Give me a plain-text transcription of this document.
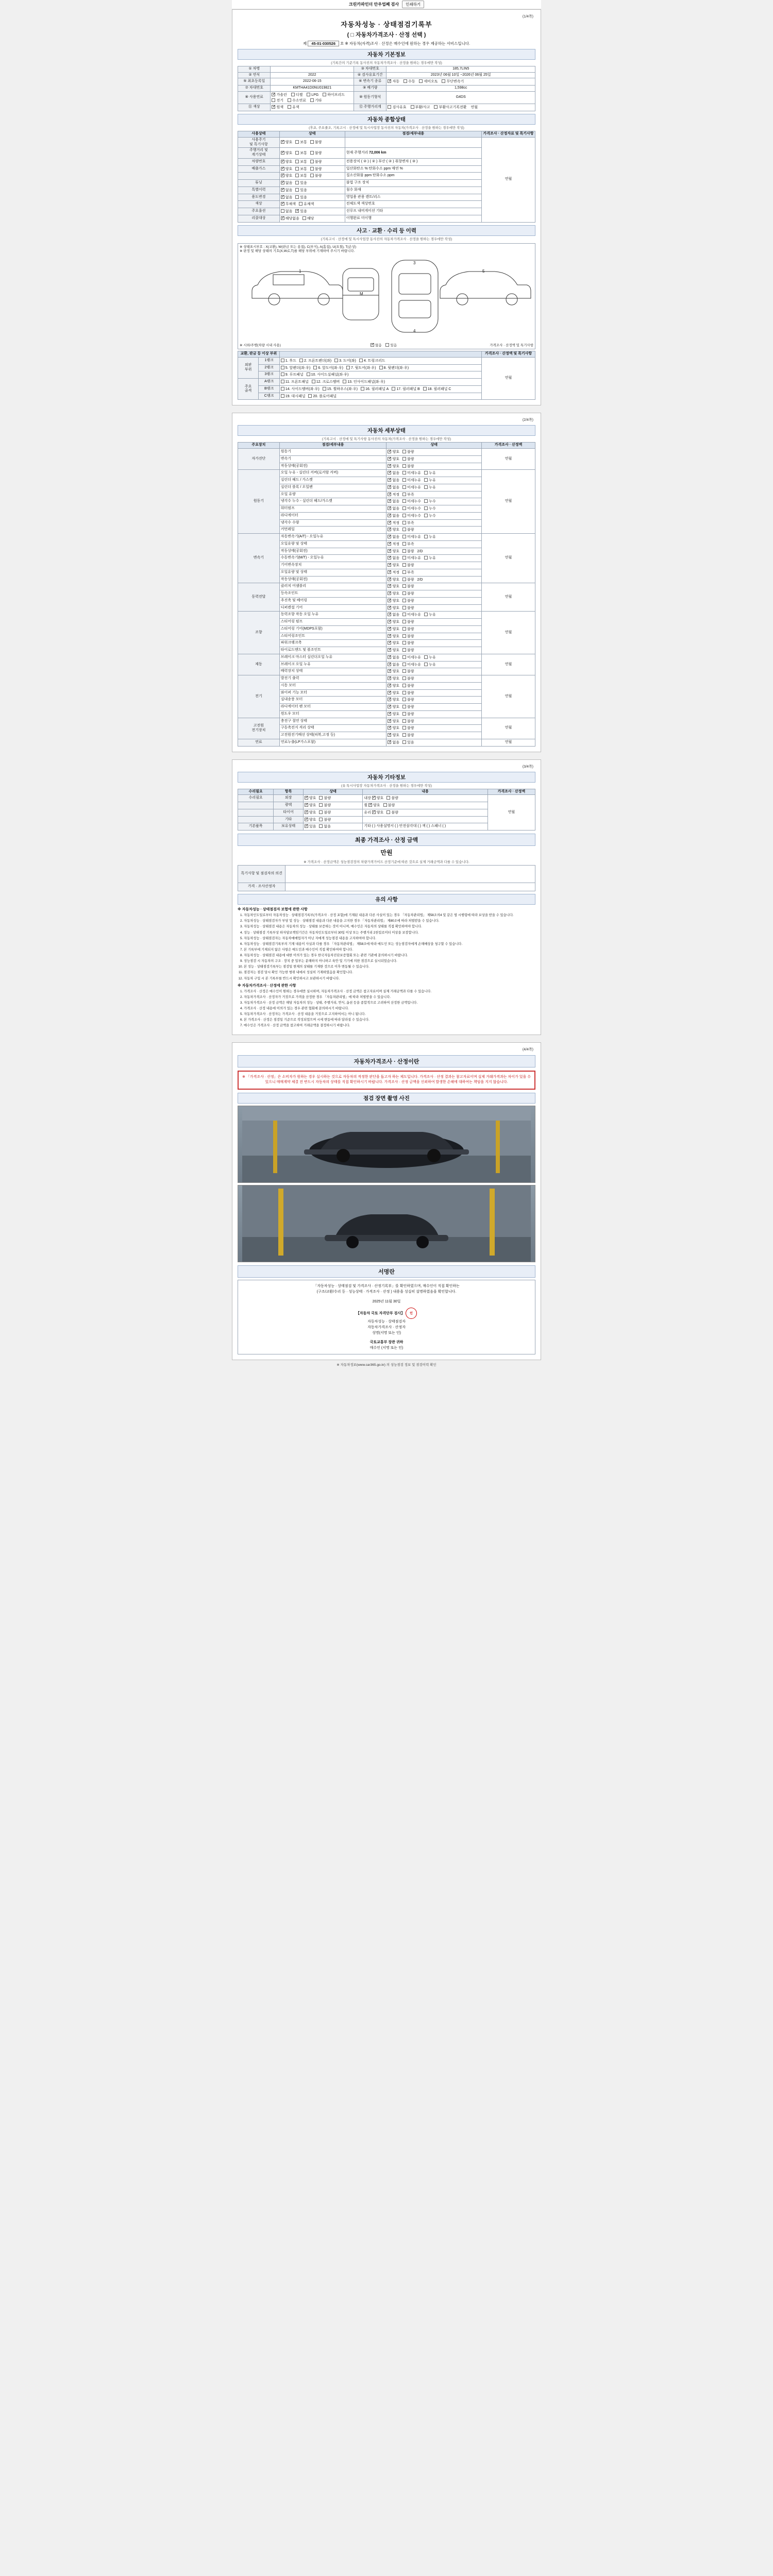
크린카파인더 안우업쩨 검사	인쇄하기
(1/4쪽)
자동차성능 · 상태점검기록부
( □ 자동차가격조사 · 산정 선택 )
제 45-01-030526 호 ※ 자동차(자격)조사 · 산정은 매수인에 원하는 경우 제공하는 서비스입니다.
자동차 기본정보
(기록간의 기준기록 동사진의 자동차가격조사 · 산정을 원하는 경우에만 작성)
① 차명		③ 차대번호	185,7LIN5
② 연식	2022	④ 검사유효기간	2023년 06월 10일 ~2026년 06월 25일
⑤ 최초등록일	2022-06-15	⑥ 변속기 종류	✓자동 수동 세미오토 무단변속기
⑦ 차대번호	KMTHA41D0NU019821	⑨ 배기량	1,598cc
⑧ 사용연료	✓가솔린 디젤 LPG 하이브리드 전기 수소연료 기타	⑩ 원동기형식	G4DS
⑪ 색상	✓원색 유색	⑫ 주행거리계	검사유효 부활/사고 부활사고기록전환 연월
자동차 종합상태
(후죠, 주요줄조, 기록고시 · 산정에 및 특시사업장 동사진의 자동차(가격조사 · 산정을 원하는 경우에만 작성)
사용상태	상태	점검/세부내용	가격조사 · 산정자료 및 특기사항
사용주기
및 특기사항	✓양호 보통 불량		연월
주행거리 및
계기상태	✓양호 보통 불량	현재 주행거리 72,006 km	
차량번호	✓양호 보통 불량	전용장치 ( ② ) ( ② ) 부산 ( ② ) 취창변차 ( ③ )	
배출가스	✓양호 보통 불량	일산화탄소 % 탄화수소 ppm 매연 %	
	✓양호 보통 불량	질소산화물 ppm 탄화수소 ppm	
튜닝	✓없음 있음	불법 구조 장치	
특별이력	✓없음 있음	침수 화재	
용도변경	✓없음 있음	영업용 관용 렌트/리스	
색상	✓무채색 유채색	전체도색 색상번호	
주요옵션	없음 ✓ 있음	선루프 내비게이션 기타	
리콜대상	✓해당없음 해당	이행완료 미이행	
사고 · 교환 · 수리 등 이력
(기록고시 · 산정에 및 특시사업장 동사진의 자동차가격조사 · 산정을 원하는 경우에만 작성)
※ 상태표시부호 : X(교환), W(판금 또는 용접), C(부식), A(흠집), U(요철), T(손상)
※ 판정 및 해당 상태의 기호(X,W,C,T)를 해당 부위에 기재하여 주시기 바랍니다.
1
M
3
4
5
※ 시외/주행(차량 시내 사용) ✓	없음	있음	가격조사 · 산정액 및 특기사항
교환, 판금 등 이상 부위			가격조사 · 산정액 및 특기사항
외판
부위	1랭크	1. 후드 2. 프론트펜더(좌) 3. 도어(좌) 4. 트렁크리드	연월
	2랭크	5. 앞펜더(좌·우) 6. 앞도어(좌·우) 7. 뒷도어(좌·우) 8. 뒷펜더(좌·우)	
	3랭크	9. 루프패널 10. 사이드실패널(좌·우)	
주요
골격	A랭크	11. 프론트패널 12. 크로스멤버 13. 인사이드패널(좌·우)	
	B랭크	14. 사이드멤버(좌·우) 15. 휠하우스(좌·우) 16. 필러패널 A 17. 필러패널 B 18. 필러패널 C	
	C랭크	19. 대시패널 20. 플로어패널	
(2/4쪽)
자동차 세부상태
(기록고시 · 산정에 및 특기사항 동사진의 자동차(가격조사 · 산정을 원하는 경우에만 작성)
주요장치	점검/세부내용	상태	가격조사 · 산정액
자가진단	원동기	✓양호 불량	연월
	변속기	✓양호 불량
	작동상태(공회전)	✓양호 불량
원동기	오일 누유 - 실린더 커버(로커암 커버)	✓없음 미세누유 누유	연월
	실린더 헤드 / 가스켓	✓없음 미세누유 누유
	실린더 블록 / 오일팬	✓없음 미세누유 누유
	오일 유량	✓적정 부족
	냉각수 누수 - 실린더 헤드/가스켓	✓없음 미세누수 누수
	워터펌프	✓없음 미세누수 누수
	라디에이터	✓없음 미세누수 누수
	냉각수 수량	✓적정 부족
	커먼레일	✓양호 불량
변속기	자동변속기(A/T) - 오일누유	✓없음 미세누유 누유	연월
	오일유량 및 상태	✓적정 부족
	작동상태(공회전)	✓양호 불량 2/D
	수동변속기(M/T) - 오일누유	✓없음 미세누유 누유
	기어변속장치	✓양호 불량
	오일유량 및 상태	✓적정 부족
	작동상태(공회전)	✓양호 불량 2/D
동력전달	클러치 어셈블리	✓양호 불량	연월
	등속조인트	✓양호 불량
	추진축 및 베어링	✓양호 불량
	디퍼렌셜 기어	✓양호 불량
조향	동력조향 작동 오일 누유	✓없음 미세누유 누유	연월
	스티어링 펌프	✓양호 불량
	스티어링 기어(MDPS포함)	✓양호 불량
	스티어링조인트	✓양호 불량
	파워크랭크축	✓양호 불량
	타이로드엔드 및 볼조인트	✓양호 불량
제동	브레이크 마스터 실린더오일 누유	✓없음 미세누유 누유	연월
	브레이크 오일 누유	✓없음 미세누유 누유
	배력장치 상태	✓양호 불량
전기	발전기 출력	✓양호 불량	연월
	시동 모터	✓양호 불량
	와이퍼 기능 모터	✓양호 불량
	실내송풍 모터	✓양호 불량
	라디에이터 팬 모터	✓양호 불량
	윈도우 모터	✓양호 불량
고전원
전기장치	충전구 절연 상태	✓양호 불량	연월
	구동축전지 격리 상태	✓양호 불량
	고전원전기배선 상태(피복,고정 등)	✓양호 불량
연료	연료누출(LP가스포함)	✓없음 있음	연월
(3/4쪽)
자동차 기타정보
(유 특시사업장 자동차가격조사 · 산정을 원하는 경우에만 작성)
수리필요	항목	상태	내용	가격조사 · 산정액
수리필요	외장	✓양호 불량	내장 ✓양호 불량	연월
	광택	✓양호 불량	휠 ✓양호 불량
	타이어	✓양호 불량	유리 ✓양호 불량
	기타	✓양호 불량	
기본품목	보유상태	✓있음 없음	기타 ( ) 사용설명서 ( ) 안전삼각대 ( ) 잭 ( ) 스패너 ( )	
최종 가격조사 · 산정 금액
만원
※ 가격조사 · 산정금액은 성능점검장의 차량가격가이드 산정기준에 따른 것으로 실제 거래금액과 다를 수 있습니다.
특기사항 및 점검자의 의견	
가격 · 조사산정자	
유의 사항
※ 자동차성능 · 상태점검자 보험에 관한 사항
1. 자동차인도일로부터 자동차성능 · 상태점검기록부(가격조사 · 산정 포함)에 기재된 내용과 다른 사실이 있는 경우 「자동차관리법」 제58조의4 및 같은 법 시행령에 따라 보상을 받을 수 있습니다.
2. 자동차성능 · 상태점검자가 부당 및 성능 · 상태점검 내용과 다른 내용을 고지한 경우 「자동차관리법」 제80조에 따라 처벌받을 수 있습니다.
3. 자동차성능 · 상태점검 내용은 자동차의 성능 · 상태를 보증하는 것이 아니며, 매수인은 자동차의 상태를 직접 확인하여야 합니다.
4. 성능 · 상태점검 기록부상 하자담보책임기간은 자동차인도일로부터 30일 이상 또는 주행거리 2천킬로미터 이상을 보장합니다.
5. 자동차성능 · 상태점검자는 자동차매매업자가 아닌 자에게 성능점검 내용을 고지하여야 합니다.
6. 자동차성능 · 상태점검기록부의 기재 내용이 사실과 다를 경우 「자동차관리법」 제58조에 따라 매도인 또는 성능점검자에게 손해배상을 청구할 수 있습니다.
7. 본 기록부에 기재되지 않은 사항은 매도인과 매수인이 직접 확인하여야 합니다.
8. 자동차성능 · 상태점검 내용에 대한 이의가 있는 경우 한국자동차진단보증협회 또는 관련 기관에 문의하시기 바랍니다.
9. 성능점검 시 자동차의 구조 · 장치 중 일부는 분해하지 아니하고 육안 및 기기에 의한 점검으로 실시되었습니다.
10. 본 성능 · 상태점검기록부는 점검일 현재의 상태를 기재한 것으로 이후 변동될 수 있습니다.
11. 점검자는 점검 당시 확인 가능한 범위 내에서 성실히 기재하였음을 확인합니다.
12. 자동차 구입 시 본 기록부를 반드시 확인하시고 보관하시기 바랍니다.
※ 자동차가격조사 · 산정에 관한 사항
1. 가격조사 · 산정은 매수인이 원하는 경우에만 실시하며, 자동차가격조사 · 산정 금액은 참고자료이며 실제 거래금액과 다를 수 있습니다.
2. 자동차가격조사 · 산정자가 거짓으로 가격을 산정한 경우 「자동차관리법」에 따라 처벌받을 수 있습니다.
3. 자동차가격조사 · 산정 금액은 해당 자동차의 성능 · 상태, 주행거리, 연식, 옵션 등을 종합적으로 고려하여 산정한 금액입니다.
4. 가격조사 · 산정 내용에 이의가 있는 경우 관련 협회에 문의하시기 바랍니다.
5. 자동차가격조사 · 산정자는 가격조사 · 산정 내용을 거짓으로 고지하여서는 아니 됩니다.
6. 본 가격조사 · 산정은 점검일 기준으로 작성되었으며 시세 변동에 따라 달라질 수 있습니다.
7. 매수인은 가격조사 · 산정 금액을 참고하여 거래금액을 결정하시기 바랍니다.
(4/4쪽)
자동차가격조사 · 산정이란
※ 「가격조사 · 산정」은 소비자가 원하는 경우 실시하는 것으로 자동차의 적정한 판단을 돕고자 하는 제도입니다. 가격조사 · 산정 결과는 참고자료이며 실제 거래가격과는 차이가 있을 수 있으니 매매계약 체결 전 반드시 자동차의 상태를 직접 확인하시기 바랍니다. 가격조사 · 산정 금액을 신뢰하여 발생한 손해에 대하여는 책임을 지지 않습니다.
점검 장면 촬영 사진
서명란
「자동차성능 · 상태점검 및 가격조사 · 산정기록부」를 확인하였으며, 매수인이 직접 확인하는
(구조/교환/수리 등 · 성능상태 · 가격조사 · 산정 ) 내용을 성실히 설명하였음을 확인합니다.
2025년 11월 30일
【자동차 국토 자격단부 검사】 인
자동차성능 · 상태점검자
자동차가격조사 · 산정자
성명(서명 또는 인)
국토교통부 장관 귀하
매수인 (서명 또는 인)
※ 자동차정보(www.car365.go.kr) 의 성능점검 정보 및 점검이력 확인
